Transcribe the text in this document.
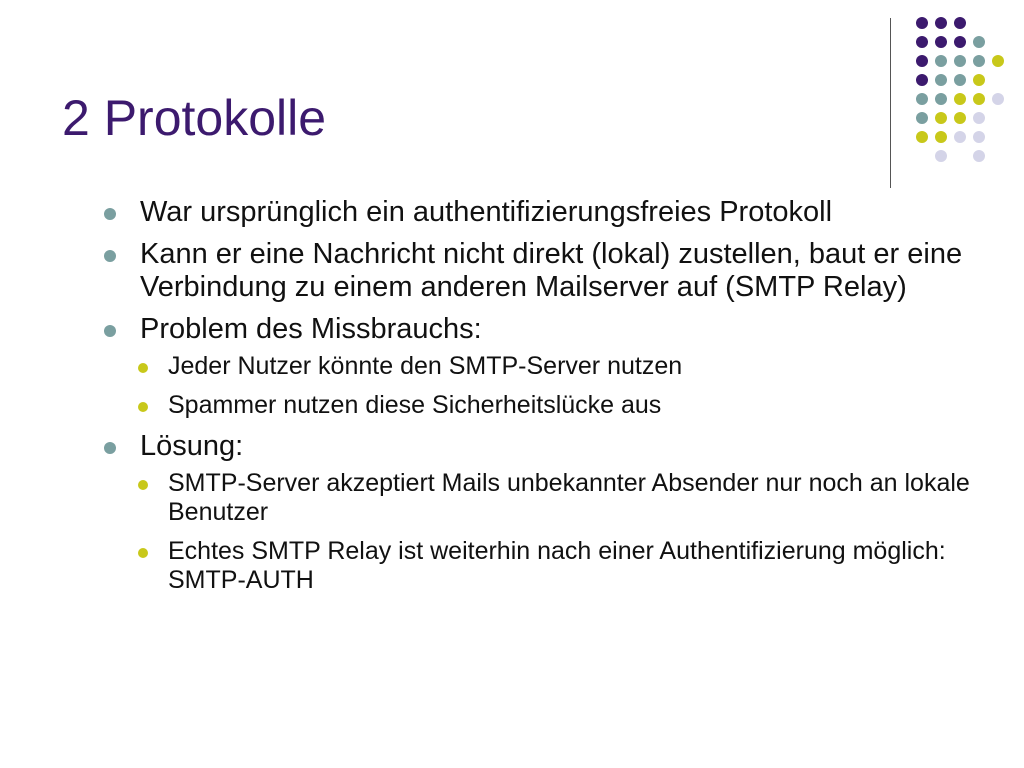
2 Protokolle
War ursprünglich ein authentifizierungsfreies Protokoll
Kann er eine Nachricht nicht direkt (lokal) zustellen, baut er eine Verbindung zu einem anderen Mailserver auf (SMTP Relay)
Problem des Missbrauchs:
Jeder Nutzer könnte den SMTP-Server nutzen
Spammer nutzen diese Sicherheitslücke aus
Lösung:
SMTP-Server akzeptiert Mails unbekannter Absender nur noch an lokale Benutzer
Echtes SMTP Relay ist weiterhin nach einer Authentifizierung möglich: SMTP-AUTH
